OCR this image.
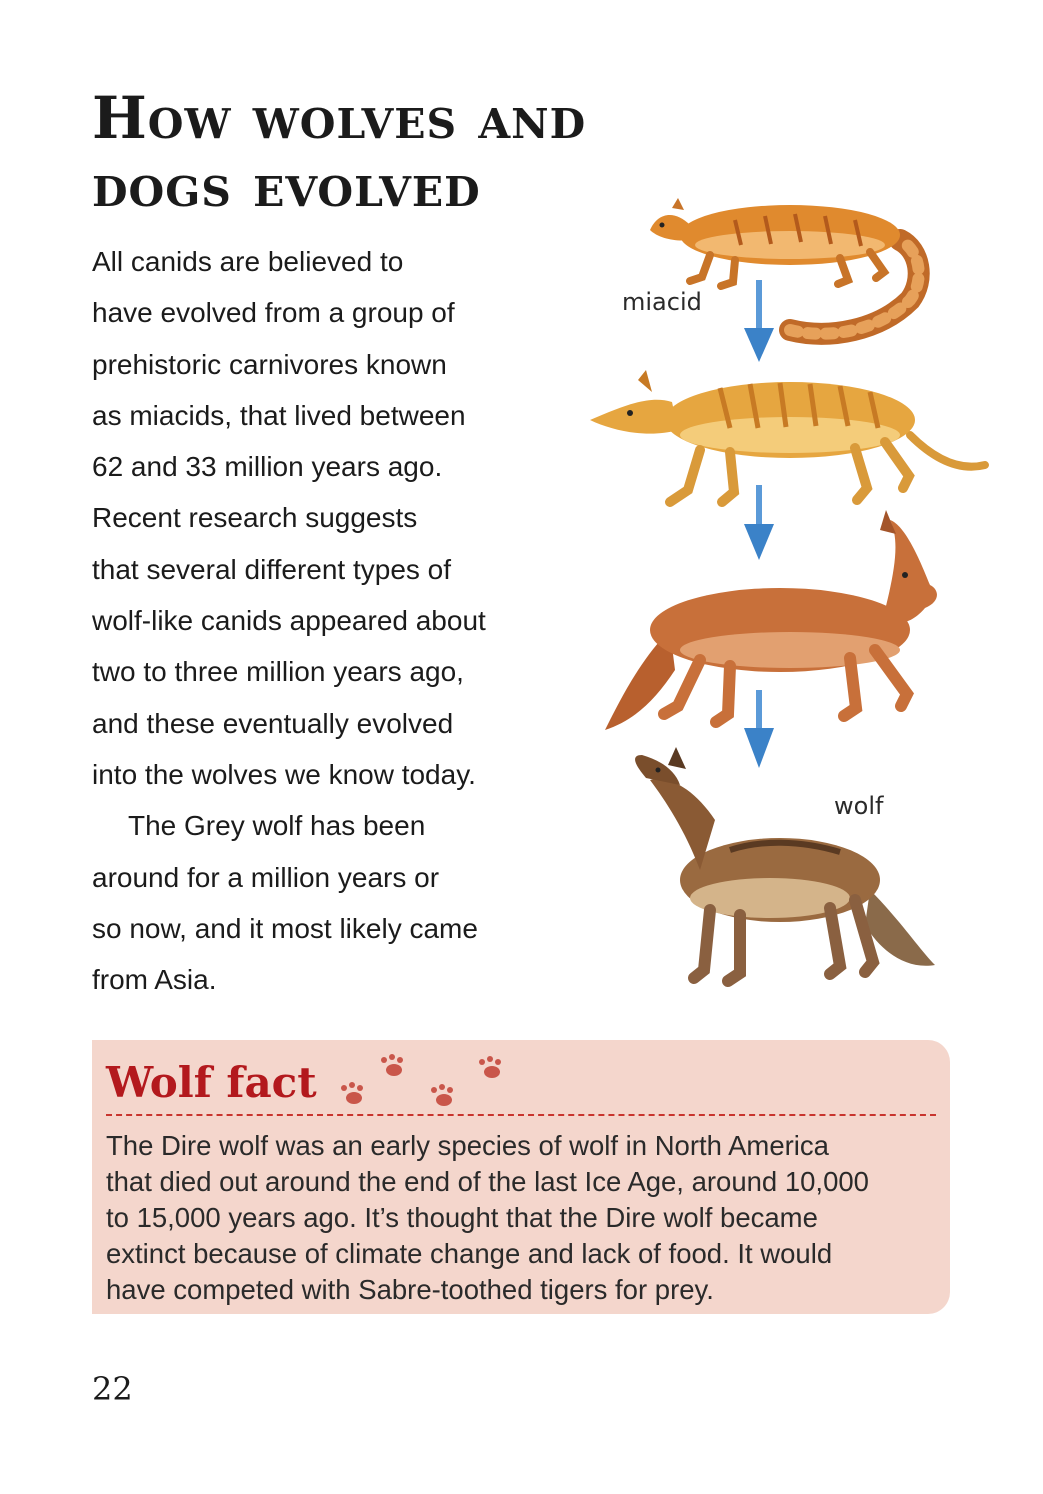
How wolves and
dogs evolved
All canids are believed to
have evolved from a group of
prehistoric carnivores known
as miacids, that lived between
62 and 33 million years ago.
Recent research suggests
that several different types of
wolf-like canids appeared about
two to three million years ago,
and these eventually evolved
into the wolves we know today.
The Grey wolf has been
around for a million years or
so now, and it most likely came
from Asia.
miacid
wolf
Wolf fact
The Dire wolf was an early species of wolf in North America
that died out around the end of the last Ice Age, around 10,000
to 15,000 years ago. It’s thought that the Dire wolf became
extinct because of climate change and lack of food. It would
have competed with Sabre-toothed tigers for prey.
22
